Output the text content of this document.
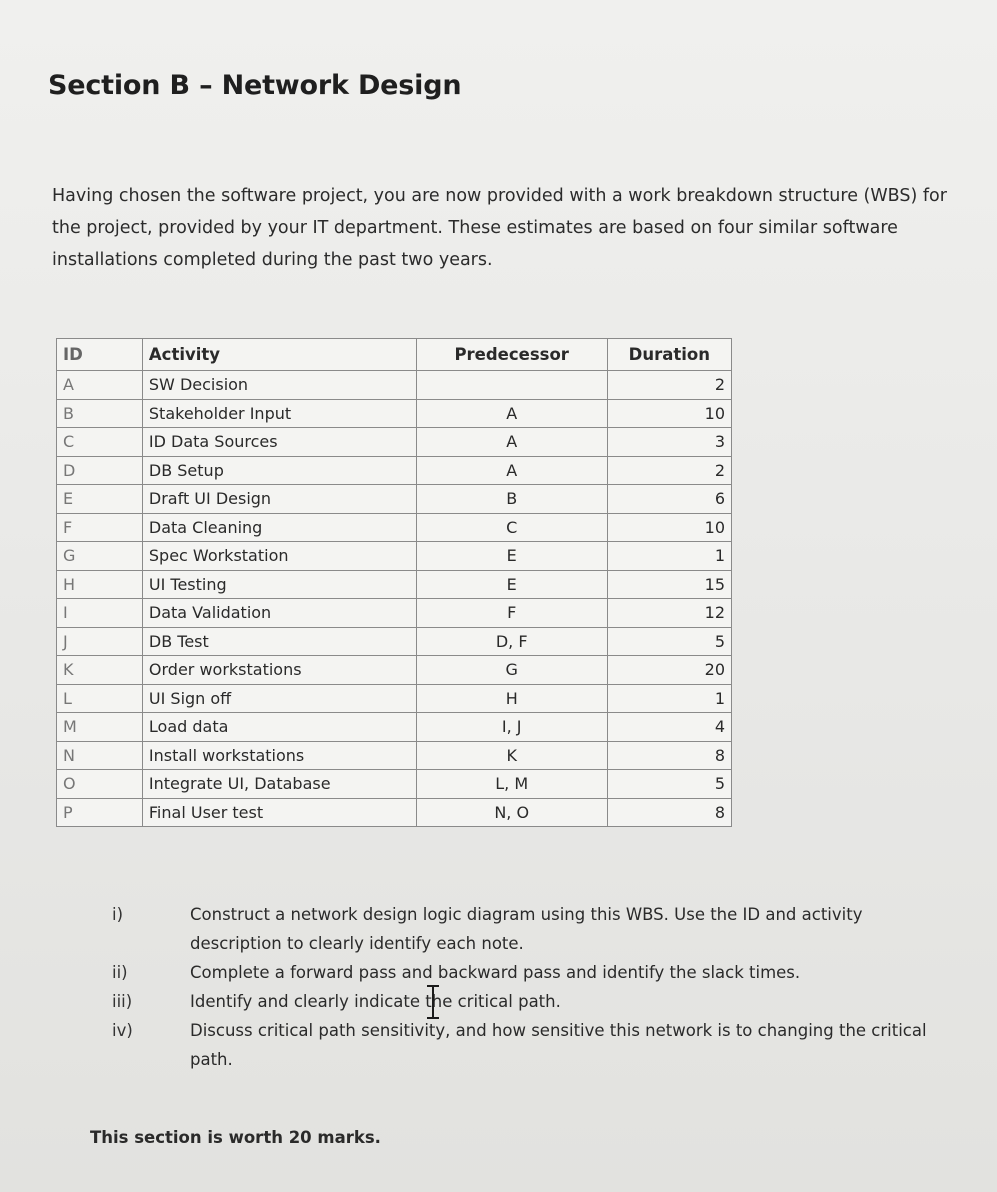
Section B – Network Design
Having chosen the software project, you are now provided with a work breakdown structure (WBS) for the project, provided by your IT department. These estimates are based on four similar software installations completed during the past two years.
ID	Activity	Predecessor	Duration
A	SW Decision		2
B	Stakeholder Input	A	10
C	ID Data Sources	A	3
D	DB Setup	A	2
E	Draft UI Design	B	6
F	Data Cleaning	C	10
G	Spec Workstation	E	1
H	UI Testing	E	15
I	Data Validation	F	12
J	DB Test	D, F	5
K	Order workstations	G	20
L	UI Sign off	H	1
M	Load data	I, J	4
N	Install workstations	K	8
O	Integrate UI, Database	L, M	5
P	Final User test	N, O	8
i)	Construct a network design logic diagram using this WBS. Use the ID and activity description to clearly identify each note.
ii)	Complete a forward pass and backward pass and identify the slack times.
iii)	Identify and clearly indicate the critical path.
iv)	Discuss critical path sensitivity, and how sensitive this network is to changing the critical path.
This section is worth 20 marks.
